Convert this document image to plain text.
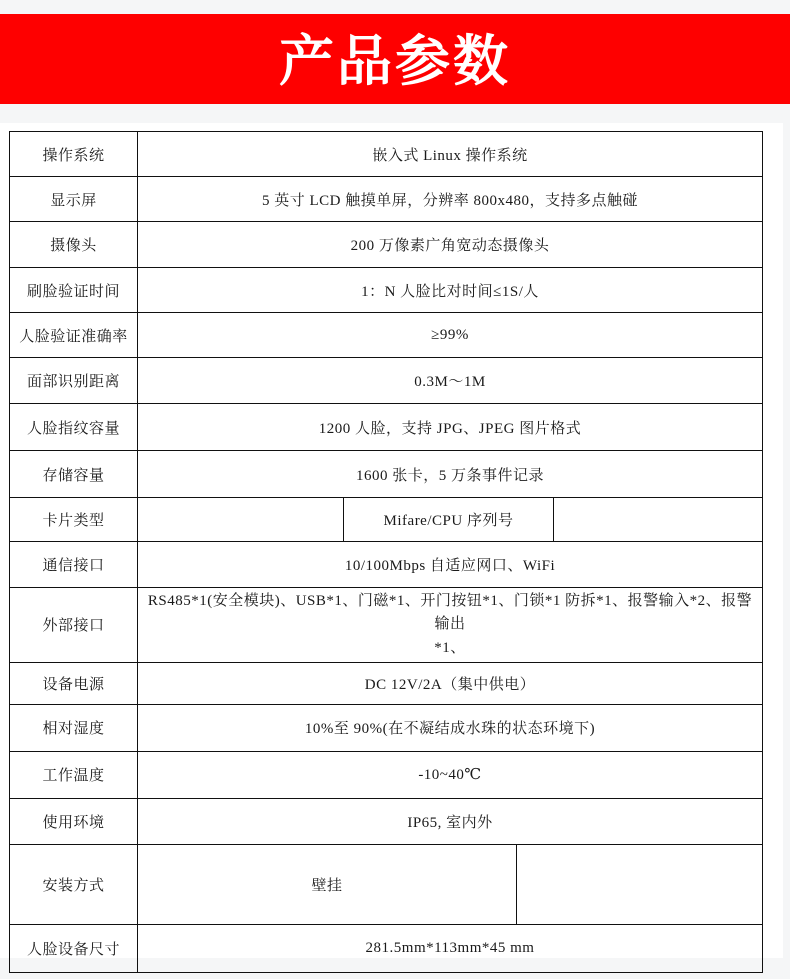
产品参数
操作系统	嵌入式 Linux 操作系统			
显示屏	5 英寸 LCD 触摸单屏，分辨率 800x480，支持多点触碰			
摄像头	200 万像素广角宽动态摄像头			
刷脸验证时间	1：N 人脸比对时间≤1S/人			
人脸验证准确率	≥99%			
面部识别距离	0.3M～1M			
人脸指纹容量	1200 人脸，支持 JPG、JPEG 图片格式			
存储容量	1600 张卡，5 万条事件记录			
卡片类型		Mifare/CPU 序列号		
通信接口	10/100Mbps 自适应网口、WiFi			
外部接口	RS485*1(安全模块)、USB*1、门磁*1、开门按钮*1、门锁*1 防拆*1、报警输入*2、报警输出
*1、			

设备电源	DC 12V/2A（集中供电）			
相对湿度	10%至 90%(在不凝结成水珠的状态环境下)			
工作温度	-10~40℃			
使用环境	IP65, 室内外			
安装方式	壁挂			
人脸设备尺寸	281.5mm*113mm*45 mm			
